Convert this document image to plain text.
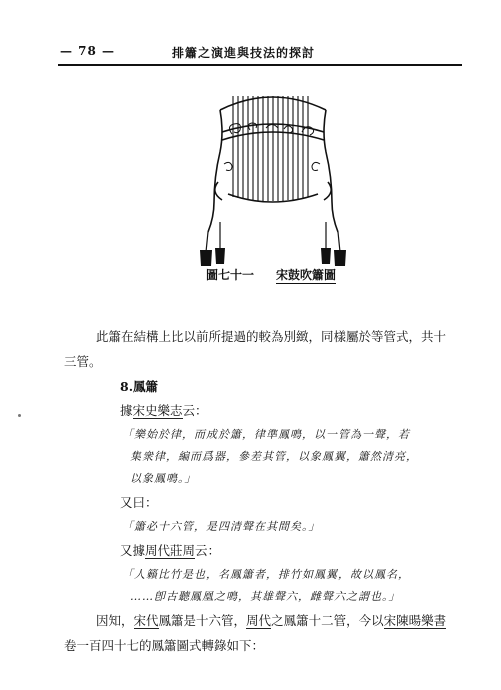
— 78 —	排簫之演進與技法的探討
圖七十一 宋鼓吹簫圖
此簫在結構上比以前所提過的較為別緻，同樣屬於等管式，共十
三管。
8.鳳簫
據宋史樂志云：
「樂始於律，而成於簫，律準鳳鳴，以一管為一聲，若
集衆律，編而爲器，參差其管，以象鳳翼，簫然清亮，
以象鳳鳴。」
又曰：
「簫必十六管，是四清聲在其間矣。」
又據周代莊周云：
「人籟比竹是也，名鳳簫者，排竹如鳳翼，故以鳳名，
……卽古聽鳳凰之鳴，其雄聲六，雌聲六之謂也。」
因知，宋代鳳簫是十六管，周代之鳳簫十二管，今以宋陳暘樂書
卷一百四十七的鳳簫圖式轉錄如下：
